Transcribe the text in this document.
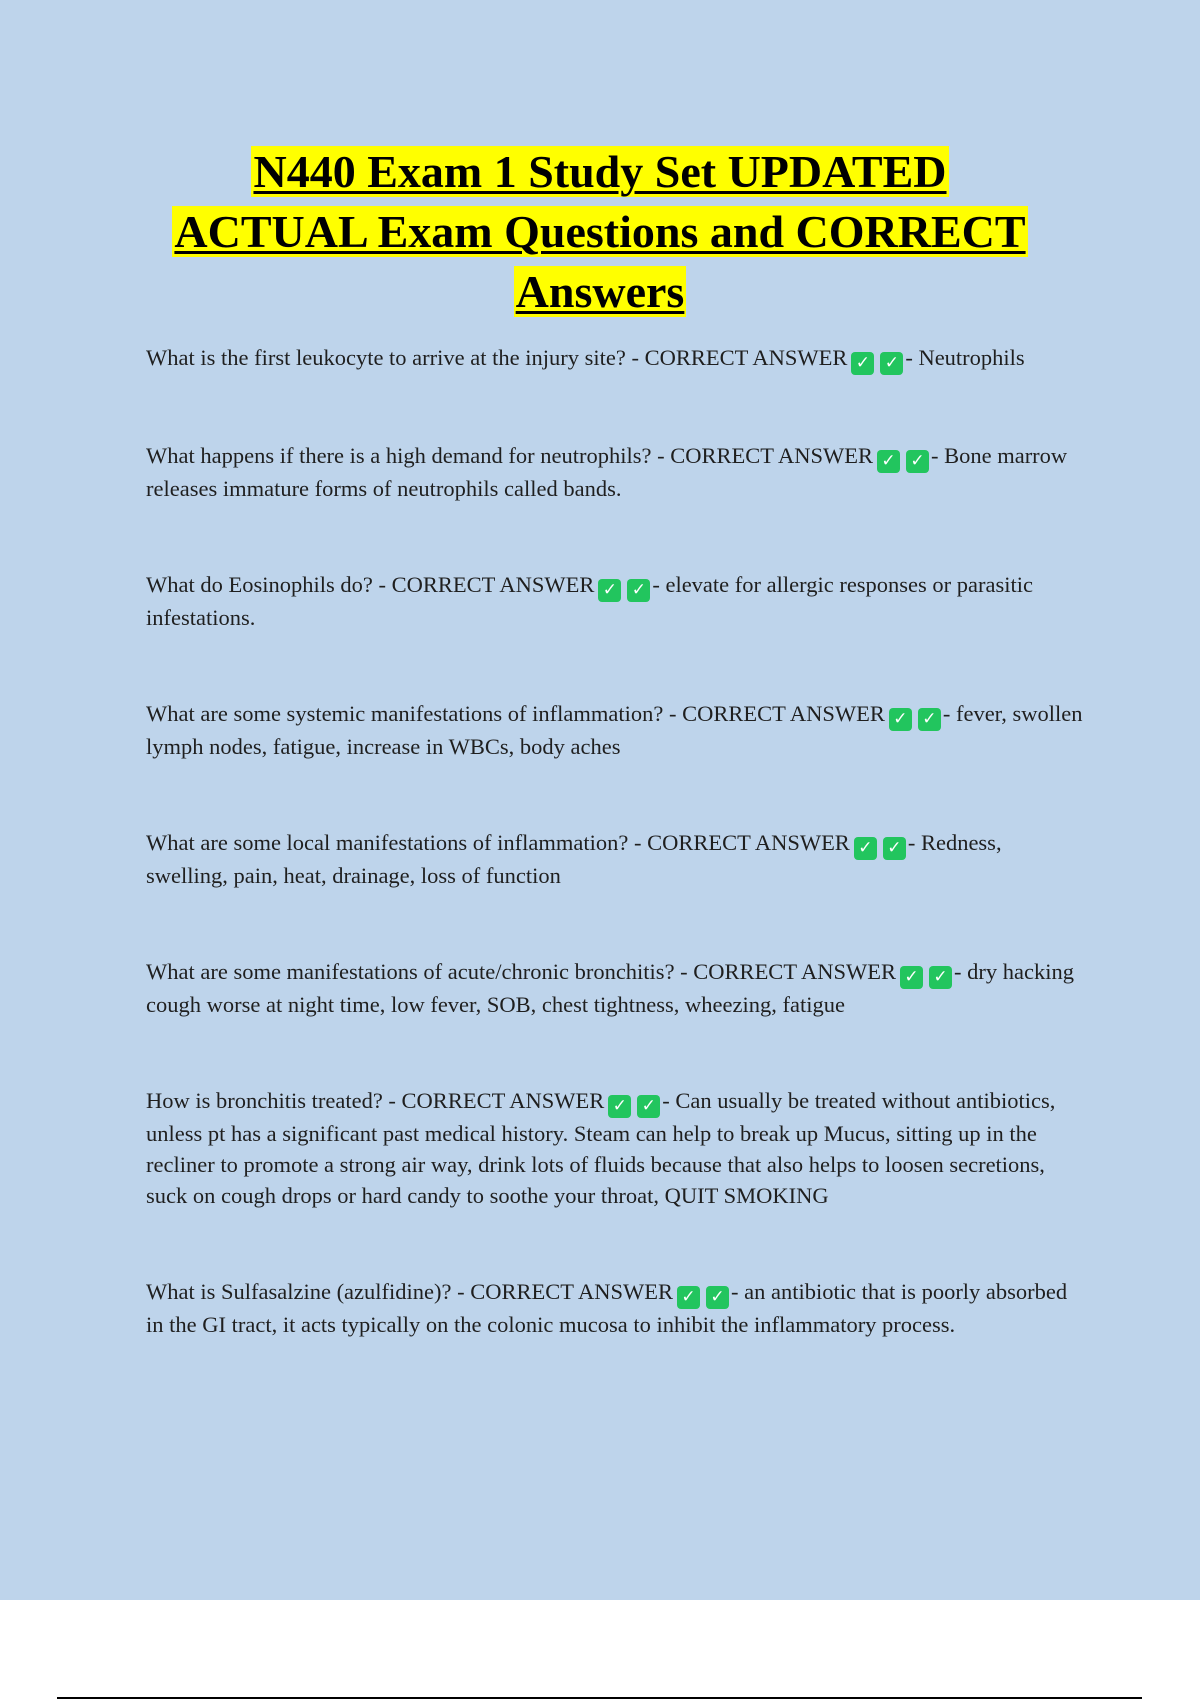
N440 Exam 1 Study Set UPDATED
ACTUAL Exam Questions and CORRECT
Answers

What is the first leukocyte to arrive at the injury site? - CORRECT ANSWER ✓ ✓ - Neutrophils

What happens if there is a high demand for neutrophils? - CORRECT ANSWER ✓ ✓ - Bone marrow releases immature forms of neutrophils called bands.

What do Eosinophils do? - CORRECT ANSWER ✓ ✓ - elevate for allergic responses or parasitic infestations.

What are some systemic manifestations of inflammation? - CORRECT ANSWER ✓ ✓ - fever, swollen lymph nodes, fatigue, increase in WBCs, body aches

What are some local manifestations of inflammation? - CORRECT ANSWER ✓ ✓ - Redness, swelling, pain, heat, drainage, loss of function

What are some manifestations of acute/chronic bronchitis? - CORRECT ANSWER ✓ ✓ - dry hacking cough worse at night time, low fever, SOB, chest tightness, wheezing, fatigue

How is bronchitis treated? - CORRECT ANSWER ✓ ✓ - Can usually be treated without antibiotics, unless pt has a significant past medical history. Steam can help to break up Mucus, sitting up in the recliner to promote a strong air way, drink lots of fluids because that also helps to loosen secretions, suck on cough drops or hard candy to soothe your throat, QUIT SMOKING

What is Sulfasalzine (azulfidine)? - CORRECT ANSWER ✓ ✓ - an antibiotic that is poorly absorbed in the GI tract, it acts typically on the colonic mucosa to inhibit the inflammatory process.
